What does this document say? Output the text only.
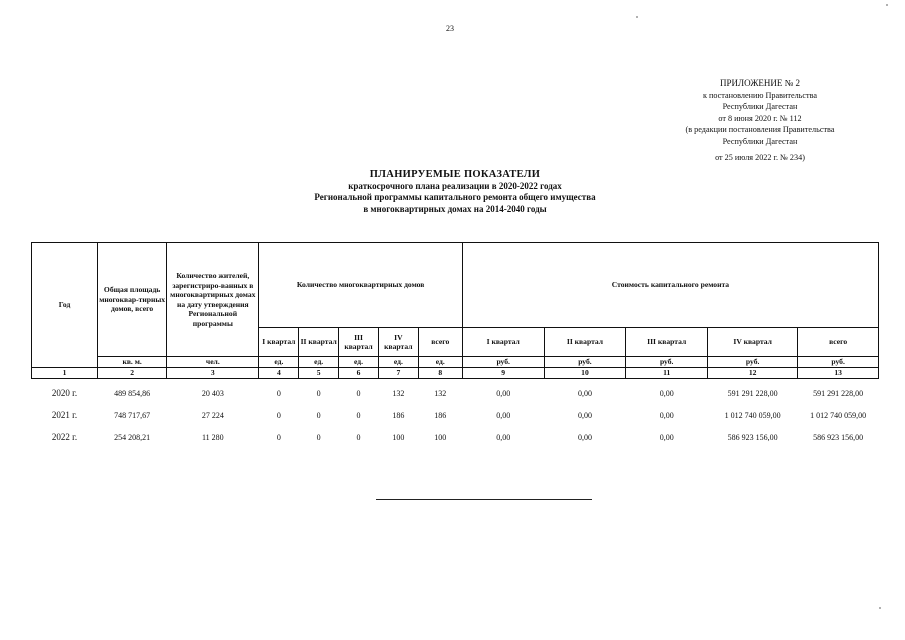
23
ПРИЛОЖЕНИЕ № 2
к постановлению Правительства
Республики Дагестан
от 8 июня 2020 г. № 112
(в редакции постановления Правительства
Республики Дагестан
от 25 июля 2022 г. № 234)
ПЛАНИРУЕМЫЕ ПОКАЗАТЕЛИ
краткосрочного плана реализации в 2020-2022 годах
Региональной программы капитального ремонта общего имущества
в многоквартирных домах на 2014-2040 годы
Год	Общая площадь многоквар-тирных домов, всего	Количество жителей, зарегистриро-ванных в многоквартирных домах на дату утверждения Региональной программы	Количество многоквартирных домов					Стоимость капитального ремонта				
			I квартал	II квартал	III квартал	IV квартал	всего	I квартал	II квартал	III квартал	IV квартал	всего
	кв. м.	чел.	ед.	ед.	ед.	ед.	ед.	руб.	руб.	руб.	руб.	руб.
1	2	3	4	5	6	7	8	9	10	11	12	13

2020 г.	489 854,86	20 403	0	0	0	132	132	0,00	0,00	0,00	591 291 228,00	591 291 228,00
2021 г.	748 717,67	27 224	0	0	0	186	186	0,00	0,00	0,00	1 012 740 059,00	1 012 740 059,00
2022 г.	254 208,21	11 280	0	0	0	100	100	0,00	0,00	0,00	586 923 156,00	586 923 156,00
